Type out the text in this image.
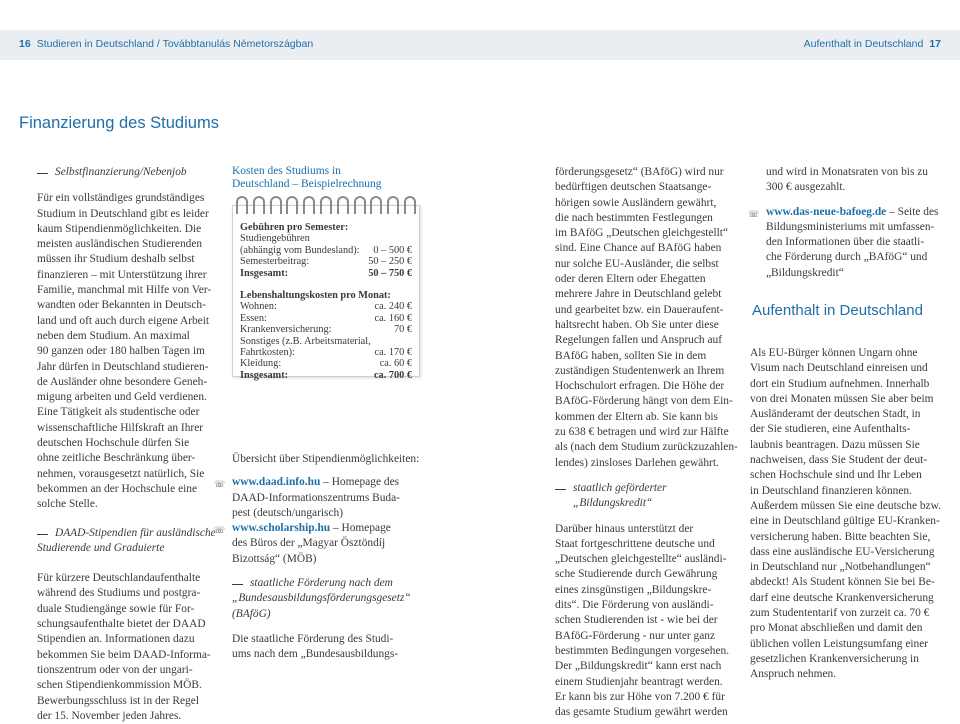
16 Studieren in Deutschland / Továbbtanulás Németországban	Aufenthalt in Deutschland 17
Finanzierung des Studiums

Selbstfinanzierung/Nebenjob

Für ein vollständiges grundständiges

Studium in Deutschland gibt es leider

kaum Stipendienmöglichkeiten. Die

meisten ausländischen Studierenden

müssen ihr Studium deshalb selbst

finanzieren – mit Unterstützung ihrer

Familie, manchmal mit Hilfe von Ver-

wandten oder Bekannten in Deutsch-

land und oft auch durch eigene Arbeit

neben dem Studium. An maximal

90 ganzen oder 180 halben Tagen im

Jahr dürfen in Deutschland studieren-

de Ausländer ohne besondere Geneh-

migung arbeiten und Geld verdienen.

Eine Tätigkeit als studentische oder

wissenschaftliche Hilfskraft an Ihrer

deutschen Hochschule dürfen Sie

ohne zeitliche Beschränkung über-

nehmen, vorausgesetzt natürlich, Sie

bekommen an der Hochschule eine

solche Stelle.

DAAD-Stipendien für ausländische

Studierende und Graduierte

Für kürzere Deutschlandaufenthalte

während des Studiums und postgra-

duale Studiengänge sowie für For-

schungsaufenthalte bietet der DAAD

Stipendien an. Informationen dazu

bekommen Sie beim DAAD-Informa-

tionszentrum oder von der ungari-

schen Stipendienkommission MÖB.

Bewerbungsschluss ist in der Regel

der 15. November jeden Jahres.

Kosten des Studiums in
Deutschland – Beispielrechnung
Gebühren pro Semester:
Studiengebühren
(abhängig vom Bundesland): 0 – 500 €
Semesterbeitrag:	50 – 250 €
Insgesamt:	50 – 750 €
Lebenshaltungskosten pro Monat:
Wohnen:	ca. 240 €
Essen:	ca. 160 €
Krankenversicherung:	70 €
Sonstiges (z.B. Arbeitsmaterial,
Fahrtkosten):	ca. 170 €
Kleidung:	ca. 60 €
Insgesamt:	ca. 700 €

Übersicht über Stipendienmöglichkeiten:

☏ www.daad.info.hu – Homepage des

DAAD-Informationszentrums Buda-

pest (deutsch/ungarisch)

☏ www.scholarship.hu – Homepage

des Büros der „Magyar Ösztöndíj

Bizottság“ (MÖB)

staatliche Förderung nach dem

„Bundesausbildungsförderungsgesetz“

(BAföG)

Die staatliche Förderung des Studi-

ums nach dem „Bundesausbildungs-

förderungsgesetz“ (BAföG) wird nur

bedürftigen deutschen Staatsange-

hörigen sowie Ausländern gewährt,

die nach bestimmten Festlegungen

im BAföG „Deutschen gleichgestellt“

sind. Eine Chance auf BAföG haben

nur solche EU-Ausländer, die selbst

oder deren Eltern oder Ehegatten

mehrere Jahre in Deutschland gelebt

und gearbeitet bzw. ein Daueraufent-

haltsrecht haben. Ob Sie unter diese

Regelungen fallen und Anspruch auf

BAföG haben, sollten Sie in dem

zuständigen Studentenwerk an Ihrem

Hochschulort erfragen. Die Höhe der

BAföG-Förderung hängt von dem Ein-

kommen der Eltern ab. Sie kann bis

zu 638 € betragen und wird zur Hälfte

als (nach dem Studium zurückzuzahlen-

lendes) zinsloses Darlehen gewährt.

staatlich geförderter „Bildungskredit“

Darüber hinaus unterstützt der

Staat fortgeschrittene deutsche und

„Deutschen gleichgestellte“ ausländi-

sche Studierende durch Gewährung

eines zinsgünstigen „Bildungskre-

dits“. Die Förderung von ausländi-

schen Studierenden ist - wie bei der

BAföG-Förderung - nur unter ganz

bestimmten Bedingungen vorgesehen.

Der „Bildungskredit“ kann erst nach

einem Studienjahr beantragt werden.

Er kann bis zur Höhe von 7.200 € für

das gesamte Studium gewährt werden

und wird in Monatsraten von bis zu

300 € ausgezahlt.

☏ www.das-neue-bafoeg.de – Seite des

Bildungsministeriums mit umfassen-

den Informationen über die staatli-

che Förderung durch „BAföG“ und

„Bildungskredit“

Aufenthalt in Deutschland

Als EU-Bürger können Ungarn ohne

Visum nach Deutschland einreisen und

dort ein Studium aufnehmen. Innerhalb

von drei Monaten müssen Sie aber beim

Ausländeramt der deutschen Stadt, in

der Sie studieren, eine Aufenthalts-

laubnis beantragen. Dazu müssen Sie

nachweisen, dass Sie Student der deut-

schen Hochschule sind und Ihr Leben

in Deutschland finanzieren können.

Außerdem müssen Sie eine deutsche bzw.

eine in Deutschland gültige EU-Kranken-

versicherung haben. Bitte beachten Sie,

dass eine ausländische EU-Versicherung

in Deutschland nur „Notbehandlungen“

abdeckt! Als Student können Sie bei Be-

darf eine deutsche Krankenversicherung

zum Studententarif von zurzeit ca. 70 €

pro Monat abschließen und damit den

üblichen vollen Leistungsumfang einer

gesetzlichen Krankenversicherung in

Anspruch nehmen.
